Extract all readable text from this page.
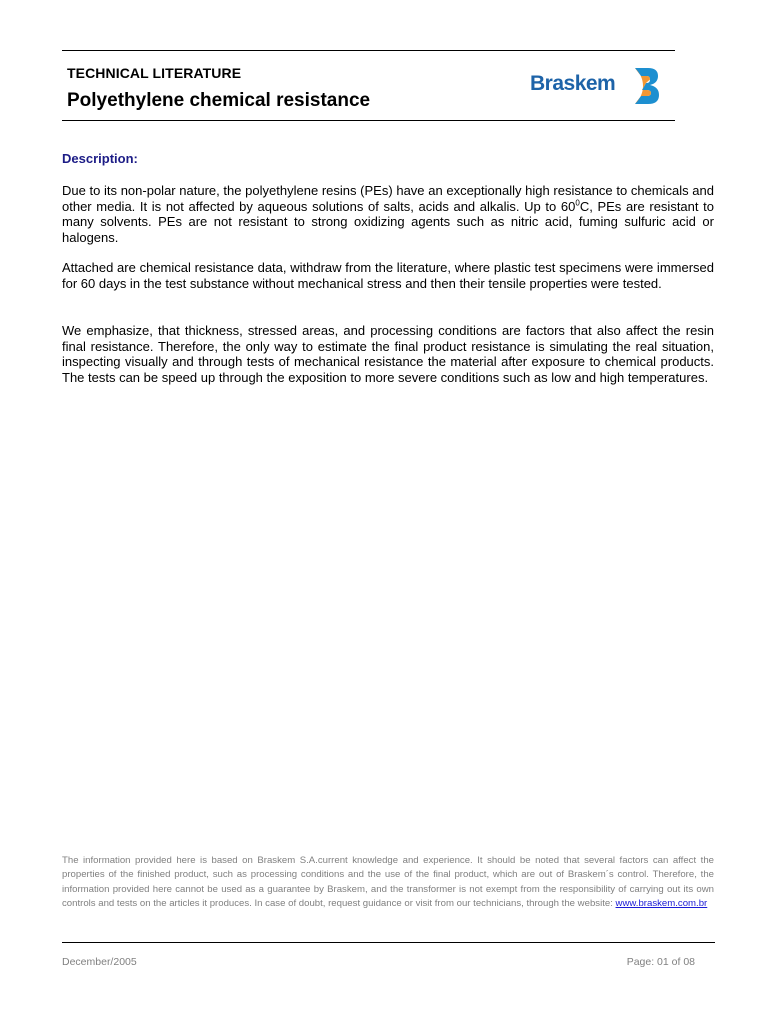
TECHNICAL LITERATURE
Polyethylene chemical resistance
Braskem
Description:

Due to its non-polar nature, the polyethylene resins (PEs) have an exceptionally high resistance to chemicals and other media. It is not affected by aqueous solutions of salts, acids and alkalis. Up to $60^0C$, PEs are resistant to many solvents. PEs are not resistant to strong oxidizing agents such as nitric acid, fuming sulfuric acid or halogens.

Attached are chemical resistance data, withdraw from the literature, where plastic test specimens were immersed for 60 days in the test substance without mechanical stress and then their tensile properties were tested.

We emphasize, that thickness, stressed areas, and processing conditions are factors that also affect the resin final resistance. Therefore, the only way to estimate the final product resistance is simulating the real situation, inspecting visually and through tests of mechanical resistance the material after exposure to chemical products. The tests can be speed up through the exposition to more severe conditions such as low and high temperatures.

The information provided here is based on Braskem S.A.current knowledge and experience. It should be noted that several factors can affect the properties of the finished product, such as processing conditions and the use of the final product, which are out of Braskem´s control. Therefore, the information provided here cannot be used as a guarantee by Braskem, and the transformer is not exempt from the responsibility of carrying out its own controls and tests on the articles it produces. In case of doubt, request guidance or visit from our technicians, through the website: www.braskem.com.br

December/2005	Page: 01 of 08
